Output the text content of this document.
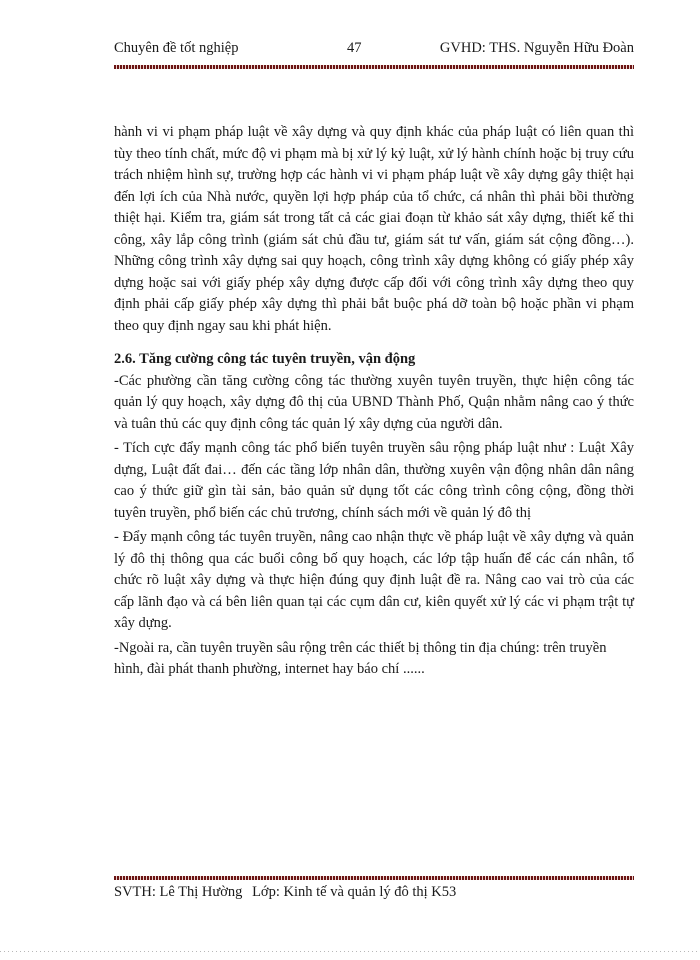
Chuyên đề tốt nghiệp	47	GVHD: THS. Nguyễn Hữu Đoàn

hành vi vi phạm pháp luật về xây dựng và quy định khác của pháp luật có liên quan thì tùy theo tính chất, mức độ vi phạm mà bị xử lý kỷ luật, xử lý hành chính hoặc bị truy cứu trách nhiệm hình sự, trường hợp các hành vi vi phạm pháp luật về xây dựng gây thiệt hại đến lợi ích của Nhà nước, quyền lợi hợp pháp của tổ chức, cá nhân thì phải bồi thường thiệt hại. Kiểm tra, giám sát trong tất cả các giai đoạn từ khảo sát xây dựng, thiết kế thi công, xây lắp công trình (giám sát chủ đầu tư, giám sát tư vấn, giám sát cộng đồng…). Những công trình xây dựng sai quy hoạch, công trình xây dựng không có giấy phép xây dựng hoặc sai với giấy phép xây dựng được cấp đối với công trình xây dựng theo quy định phải cấp giấy phép xây dựng thì phải bắt buộc phá dỡ toàn bộ hoặc phần vi phạm theo quy định ngay sau khi phát hiện.

2.6. Tăng cường công tác tuyên truyền, vận động

-Các phường cần tăng cường công tác thường xuyên tuyên truyền, thực hiện công tác quản lý quy hoạch, xây dựng đô thị của UBND Thành Phố, Quận nhằm nâng cao ý thức và tuân thủ các quy định công tác quản lý xây dựng của người dân.

- Tích cực đẩy mạnh công tác phổ biến tuyên truyền sâu rộng pháp luật như : Luật Xây dựng, Luật đất đai… đến các tầng lớp nhân dân, thường xuyên vận động nhân dân nâng cao ý thức giữ gìn tài sản, bảo quản sử dụng tốt các công trình công cộng, đồng thời tuyên truyền, phổ biến các chủ trương, chính sách mới về quản lý đô thị

- Đẩy mạnh công tác tuyên truyền, nâng cao nhận thực về pháp luật về xây dựng và quản lý đô thị thông qua các buổi công bố quy hoạch, các lớp tập huấn để các cán nhân, tổ chức rõ luật xây dựng và thực hiện đúng quy định luật đề ra. Nâng cao vai trò của các cấp lãnh đạo và cá bên liên quan tại các cụm dân cư, kiên quyết xử lý các vi phạm trật tự xây dựng.

-Ngoài ra, cần tuyên truyền sâu rộng trên các thiết bị thông tin địa chúng: trên truyền hình, đài phát thanh phường, internet hay báo chí ......

SVTH: Lê Thị Hường Lớp: Kinh tế và quản lý đô thị K53
